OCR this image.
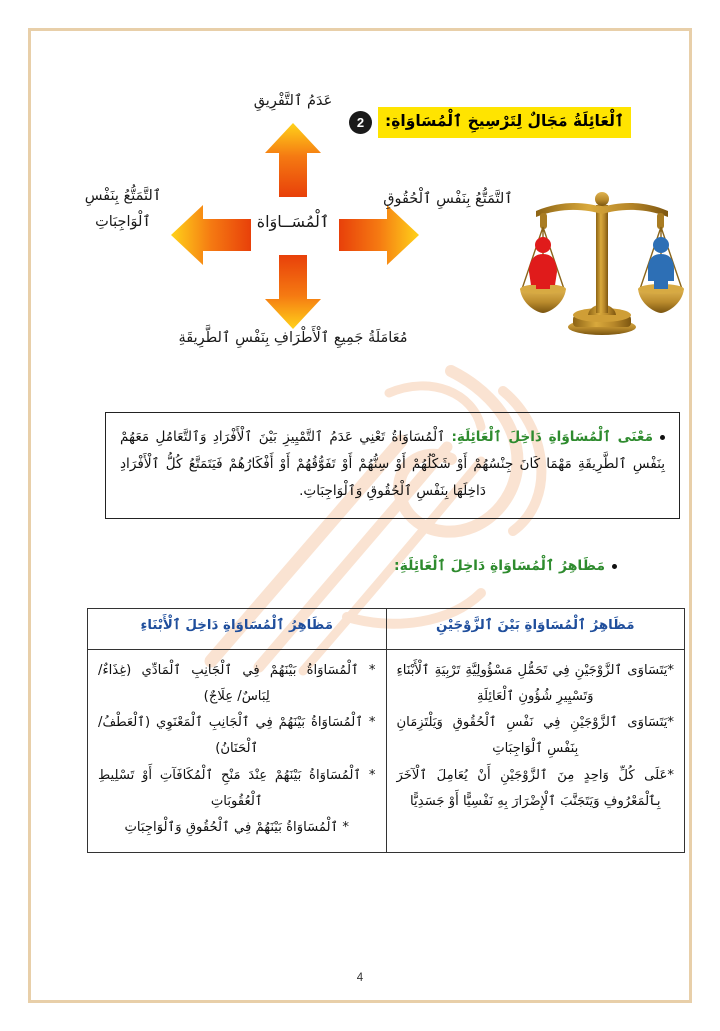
ٱلْعَائِلَةُ مَجَالٌ لِتَرْسِيخِ ٱلْمُسَاوَاةِ:
2
عَدَمُ ٱلتَّفْرِيقِ
ٱلْمُسَــاوَاة
ٱلتَّمَتُّعُ بِنَفْسِ ٱلْوَاجِبَاتِ
ٱلتَّمَتُّعُ بِنَفْسِ ٱلْحُقُوقِ
مُعَامَلَةُ جَمِيعِ ٱلْأَطْرَافِ بِنَفْسِ ٱلطَّرِيقَةِ

مَعْنَى ٱلْمُسَاوَاةِ دَاخِلَ ٱلْعَائِلَةِ: ٱلْمُسَاوَاةُ تَعْنِي عَدَمُ ٱلتَّمْيِيزِ بَيْنَ ٱلْأَفْرَادِ وَٱلتَّعَامُلِ مَعَهُمْ بِنَفْسِ ٱلطَّرِيقَةِ مَهْمَا كَانَ جِنْسُهُمْ أَوْ شَكْلُهُمْ أَوْ سِنُّهُمْ أَوْ تَفَوُّقُهُمْ أَوْ أَفْكَارُهُمْ فَيَتَمَتَّعُ كُلُّ ٱلْأَفْرَادِ دَاخِلَهَا بِنَفْسِ ٱلْحُقُوقِ وَٱلْوَاجِبَاتِ.

مَظَاهِرُ ٱلْمُسَاوَاةِ دَاخِلَ ٱلْعَائِلَةِ:
مَظَاهِرُ ٱلْمُسَاوَاةِ بَيْنَ ٱلزَّوْجَيْنِ	مَظَاهِرُ ٱلْمُسَاوَاةِ دَاخِلَ ٱلْأَبْنَاءِ

*يَتَسَاوَى ٱلزَّوْجَيْنِ فِي تَحَمُّلِ مَسْؤُولِيَّةِ تَرْبِيَةِ ٱلْأَبْنَاءِ وَتَسْيِيرِ شُؤُونِ ٱلْعَائِلَةِ
*يَتَسَاوَى ٱلزَّوْجَيْنِ فِي نَفْسِ ٱلْحُقُوقِ وَيَلْتَزِمَانِ بِنَفْسِ ٱلْوَاجِبَاتِ
*عَلَى كُلِّ وَاحِدٍ مِنَ ٱلزَّوْجَيْنِ أَنْ يُعَامِلَ ٱلْآخَرَ بِٱلْمَعْرُوفِ وَيَتَجَنَّبَ ٱلْإِضْرَارَ بِهِ نَفْسِيًّا أَوْ جَسَدِيًّا

* ٱلْمُسَاوَاةُ بَيْنَهُمْ فِي ٱلْجَانِبِ ٱلْمَادِّي (غِذَاءٌ/ لِبَاسٌ/ عِلَاجٌ)
* ٱلْمُسَاوَاةُ بَيْنَهُمْ فِي ٱلْجَانِبِ ٱلْمَعْنَوِي (ٱلْعَطْفُ/ ٱلْحَنَانُ)
* ٱلْمُسَاوَاةُ بَيْنَهُمْ عِنْدَ مَنْحِ ٱلْمُكَافَآتِ أَوْ تَسْلِيطِ ٱلْعُقُوبَاتِ
* ٱلْمُسَاوَاةُ بَيْنَهُمْ فِي ٱلْحُقُوقِ وَٱلْوَاجِبَاتِ
4
